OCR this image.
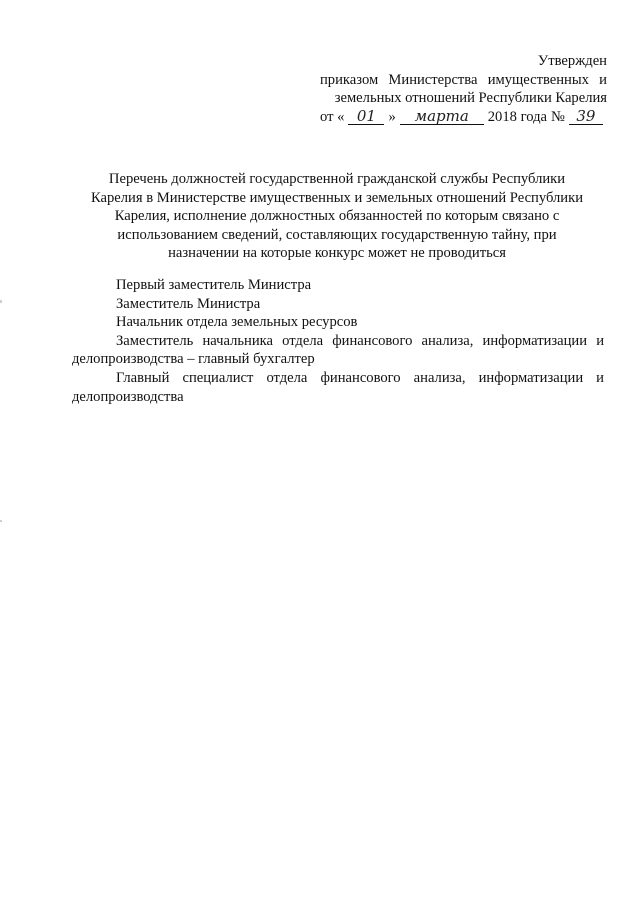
Утвержден
приказом Министерства имущественных и
земельных отношений Республики Карелия
от « 01 »	марта	2018 года № 39
Перечень должностей государственной гражданской службы Республики
Карелия в Министерстве имущественных и земельных отношений Республики
Карелия, исполнение должностных обязанностей по которым связано с
использованием сведений, составляющих государственную тайну, при
назначении на которые конкурс может не проводиться

Первый заместитель Министра

Заместитель Министра

Начальник отдела земельных ресурсов

Заместитель начальника отдела финансового анализа, информатизации и делопроизводства – главный бухгалтер

Главный специалист отдела финансового анализа, информатизации и делопроизводства
